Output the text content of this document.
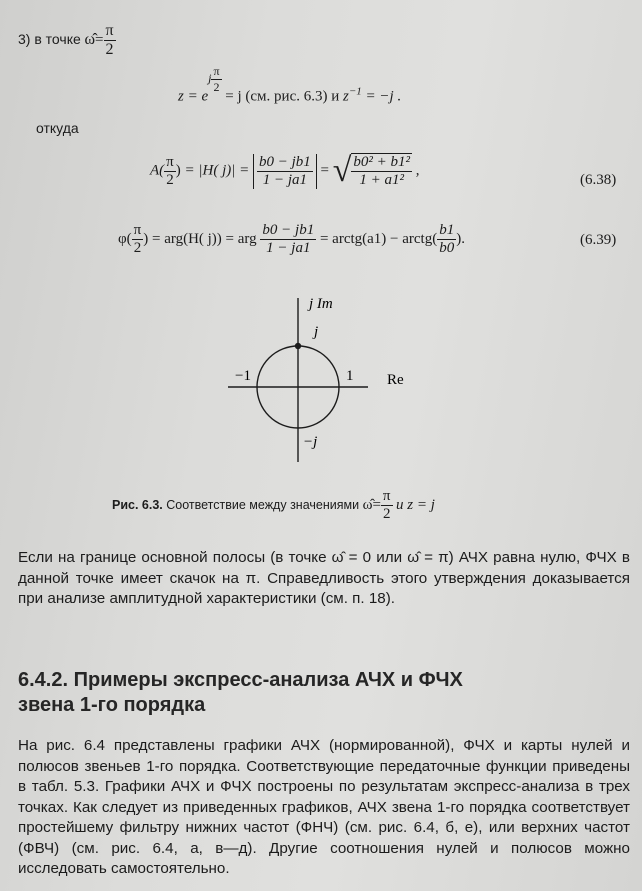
3) в точке ω̂= $\frac{\pi}{2}$
$z = e^{j \frac{\pi}{2}}$
= j (см. рис. 6.3) и $z^{-1} = -j$ .
откуда
$A( \frac{\pi}{2}$ ) = |H( $j)| = \frac{b0 - jb1}{1 - ja1}$ = √ $\frac{\text{b0² + b1²}}{\text{1 + a1²}}$ ,
(6.38)
$\varphi( \frac{\pi}{2}$ ) = arg(H( j)) = arg $\frac{b0 - jb1}{1 - ja1}$ = arctg(a1) − arctg( $\frac{b1}{b0}$ ).	(6.39)
j Im
Re
j
−j
−1	1
Рис. 6.3. Соответствие между значениями ω̂= $\frac{\pi}{2}$ и z = j

Если на границе основной полосы (в точке ω̂ = 0 или ω̂ = π) АЧХ равна нулю, ФЧХ в данной точке имеет скачок на π. Справедливость этого утверждения доказывается при анализе амплитудной характеристики (см. п. 18).

6.4.2. Примеры экспресс-анализа АЧХ и ФЧХ
звена 1-го порядка

На рис. 6.4 представлены графики АЧХ (нормированной), ФЧХ и карты нулей и полюсов звеньев 1-го порядка. Соответствующие передаточные функции приведены в табл. 5.3. Графики АЧХ и ФЧХ построены по результатам экспресс-анализа в трех точках. Как следует из приведенных графиков, АЧХ звена 1-го порядка соответствует простейшему фильтру нижних частот (ФНЧ) (см. рис. 6.4, б, е), или верхних частот (ФВЧ) (см. рис. 6.4, а, в—д). Другие соотношения нулей и полюсов можно исследовать самостоятельно.
